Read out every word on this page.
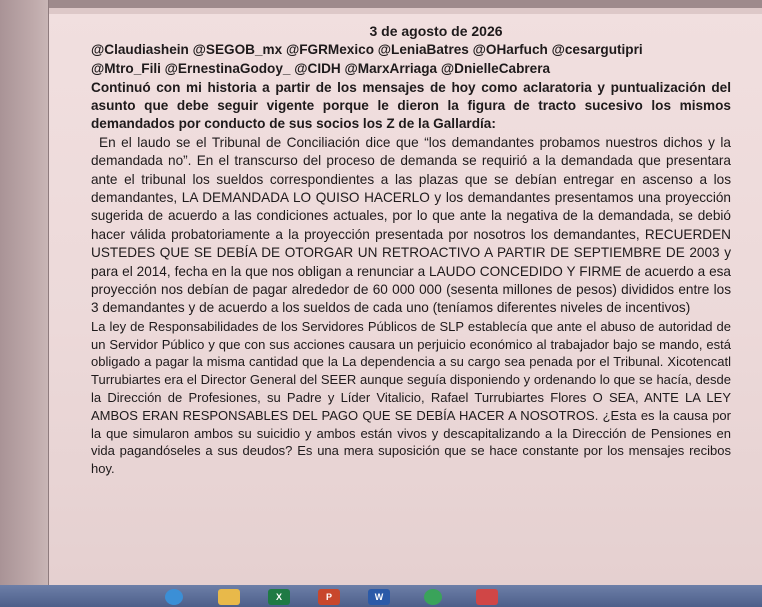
3 de agosto de 2026
@Claudiashein @SEGOB_mx @FGRMexico @LeniaBatres @OHarfuch @cesargutipri
@Mtro_Fili @ErnestinaGodoy_ @CIDH @MarxArriaga @DnielleCabrera

Continuó con mi historia a partir de los mensajes de hoy como aclaratoria y puntualización del asunto que debe seguir vigente porque le dieron la figura de tracto sucesivo los mismos demandados por conducto de sus socios los Z de la Gallardía:

En el laudo se el Tribunal de Conciliación dice que “los demandantes probamos nuestros dichos y la demandada no”. En el transcurso del proceso de demanda se requirió a la demandada que presentara ante el tribunal los sueldos correspondientes a las plazas que se debían entregar en ascenso a los demandantes, LA DEMANDADA LO QUISO HACERLO y los demandantes presentamos una proyección sugerida de acuerdo a las condiciones actuales, por lo que ante la negativa de la demandada, se debió hacer válida probatoriamente a la proyección presentada por nosotros los demandantes, RECUERDEN USTEDES QUE SE DEBÍA DE OTORGAR UN RETROACTIVO A PARTIR DE SEPTIEMBRE DE 2003 y para el 2014, fecha en la que nos obligan a renunciar a LAUDO CONCEDIDO Y FIRME de acuerdo a esa proyección nos debían de pagar alrededor de 60 000 000 (sesenta millones de pesos) divididos entre los 3 demandantes y de acuerdo a los sueldos de cada uno (teníamos diferentes niveles de incentivos)

La ley de Responsabilidades de los Servidores Públicos de SLP establecía que ante el abuso de autoridad de un Servidor Público y que con sus acciones causara un perjuicio económico al trabajador bajo se mando, está obligado a pagar la misma cantidad que la La dependencia a su cargo sea penada por el Tribunal. Xicotencatl Turrubiartes era el Director General del SEER aunque seguía disponiendo y ordenando lo que se hacía, desde la Dirección de Profesiones, su Padre y Líder Vitalicio, Rafael Turrubiartes Flores O SEA, ANTE LA LEY AMBOS ERAN RESPONSABLES DEL PAGO QUE SE DEBÍA HACER A NOSOTROS. ¿Esta es la causa por la que simularon ambos su suicidio y ambos están vivos y descapitalizando a la Dirección de Pensiones en vida pagandóseles a sus deudos? Es una mera suposición que se hace constante por los mensajes recibos hoy.

X	P	W
